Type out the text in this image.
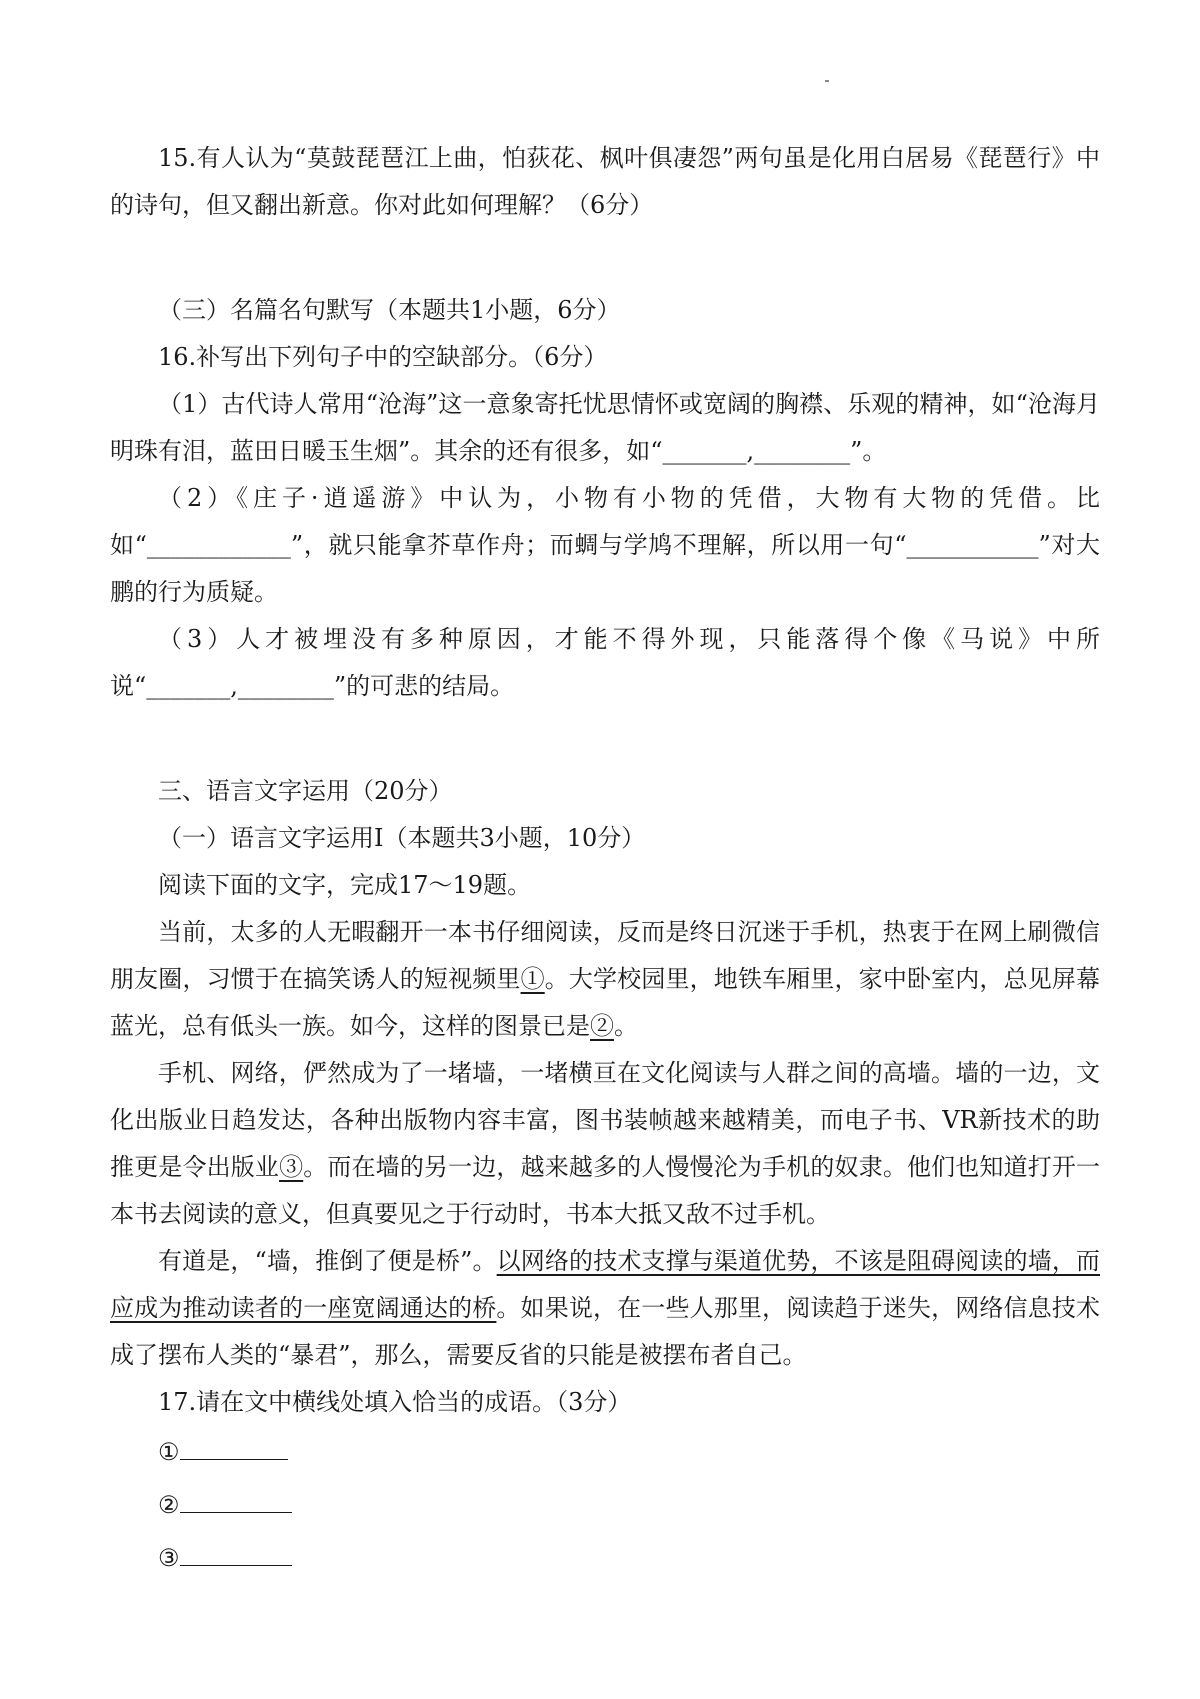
15.有人认为“莫鼓琵琶江上曲，怕荻花、枫叶俱凄怨”两句虽是化用白居易《琵琶行》中的诗句，但又翻出新意。你对此如何理解？（6分）

（三）名篇名句默写（本题共1小题，6分）

16.补写出下列句子中的空缺部分。（6分）

（1）古代诗人常用“沧海”这一意象寄托忧思情怀或宽阔的胸襟、乐观的精神，如“沧海月明珠有泪，蓝田日暖玉生烟”。其余的还有很多，如“_______,________”。

（2）《庄子·逍遥游》中认为，小物有小物的凭借，大物有大物的凭借。比如“____________”，就只能拿芥草作舟；而蜩与学鸠不理解，所以用一句“___________”对大鹏的行为质疑。

（3）人才被埋没有多种原因，才能不得外现，只能落得个像《马说》中所说“_______,________”的可悲的结局。

三、语言文字运用（20分）

（一）语言文字运用Ⅰ（本题共3小题，10分）

阅读下面的文字，完成17～19题。

当前，太多的人无暇翻开一本书仔细阅读，反而是终日沉迷于手机，热衷于在网上刷微信朋友圈，习惯于在搞笑诱人的短视频里①。大学校园里，地铁车厢里，家中卧室内，总见屏幕蓝光，总有低头一族。如今，这样的图景已是②。

手机、网络，俨然成为了一堵墙，一堵横亘在文化阅读与人群之间的高墙。墙的一边，文化出版业日趋发达，各种出版物内容丰富，图书装帧越来越精美，而电子书、VR新技术的助推更是令出版业③。而在墙的另一边，越来越多的人慢慢沦为手机的奴隶。他们也知道打开一本书去阅读的意义，但真要见之于行动时，书本大抵又敌不过手机。

有道是，“墙，推倒了便是桥”。以网络的技术支撑与渠道优势，不该是阻碍阅读的墙，而应成为推动读者的一座宽阔通达的桥。如果说，在一些人那里，阅读趋于迷失，网络信息技术成了摆布人类的“暴君”，那么，需要反省的只能是被摆布者自己。

17.请在文中横线处填入恰当的成语。（3分）

①

②

③
